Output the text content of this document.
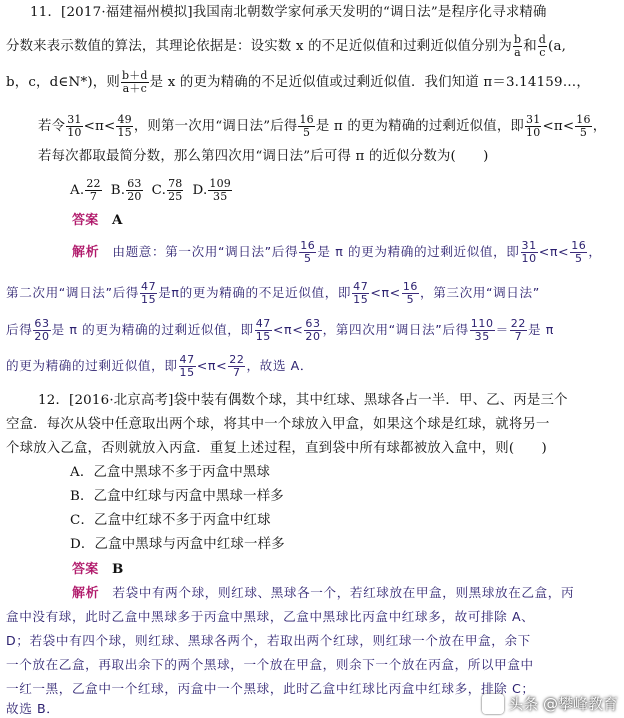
11．[2017·福建福州模拟]我国南北朝数学家何承天发明的“调日法”是程序化寻求精确
分数来表示数值的算法，其理论依据是：设实数 x 的不足近似值和过剩近似值分别为 $\frac{b}{a}$ 和 $\frac{d}{c} (a$,
b，c，d∈N*)，则 $\frac{b+d}{a+c}$ 是 x 的更为精确的不足近似值或过剩近似值．我们知道 π＝3.14159…，
若令 $\frac{31}{10} <\pi< \frac{49}{15}$ ，则第一次用“调日法”后得 $\frac{16}{5}$ 是 π 的更为精确的过剩近似值，即 $\frac{31}{10} <\pi< \frac{16}{5}$ ，
若每次都取最简分数，那么第四次用“调日法”后可得 π 的近似分数为(　　)
A. $\frac{22}{7} B$. $\frac{63}{20} C$. $\frac{78}{25} D$. $\frac{109}{35}$
答案　 A
解析　 由题意：第一次用“调日法”后得 $\frac{16}{5}$ 是 π 的更为精确的过剩近似值，即 $\frac{31}{10} <\pi< \frac{16}{5}$ ，
第二次用“调日法”后得 $\frac{47}{15}$ 是π的更为精确的不足近似值，即 $\frac{47}{15} <\pi< \frac{16}{5}$ ，第三次用“调日法”
后得 $\frac{63}{20}$ 是 π 的更为精确的过剩近似值，即 $\frac{47}{15} <\pi< \frac{63}{20}$ ，第四次用“调日法”后得 $\frac{110}{35} = \frac{22}{7}$ 是 π
的更为精确的过剩近似值，即 $\frac{47}{15} <\pi< \frac{22}{7}$ ，故选 A．
12．[2016·北京高考]袋中装有偶数个球，其中红球、黑球各占一半．甲、乙、丙是三个
空盒．每次从袋中任意取出两个球，将其中一个球放入甲盒，如果这个球是红球，就将另一
个球放入乙盒，否则就放入丙盒．重复上述过程，直到袋中所有球都被放入盒中，则(　　)
A．乙盒中黑球不多于丙盒中黑球
B．乙盒中红球与丙盒中黑球一样多
C．乙盒中红球不多于丙盒中红球
D．乙盒中黑球与丙盒中红球一样多
答案　 B
解析　 若袋中有两个球，则红球、黑球各一个，若红球放在甲盒，则黑球放在乙盒，丙
盒中没有球，此时乙盒中黑球多于丙盒中黑球，乙盒中黑球比丙盒中红球多，故可排除 A、
D；若袋中有四个球，则红球、黑球各两个，若取出两个红球，则红球一个放在甲盒，余下
一个放在乙盒，再取出余下的两个黑球，一个放在甲盒，则余下一个放在丙盒，所以甲盒中
一红一黑，乙盒中一个红球，丙盒中一个黑球，此时乙盒中红球比丙盒中红球多，排除 C；
故选 B．	头条 @攀峰教育
